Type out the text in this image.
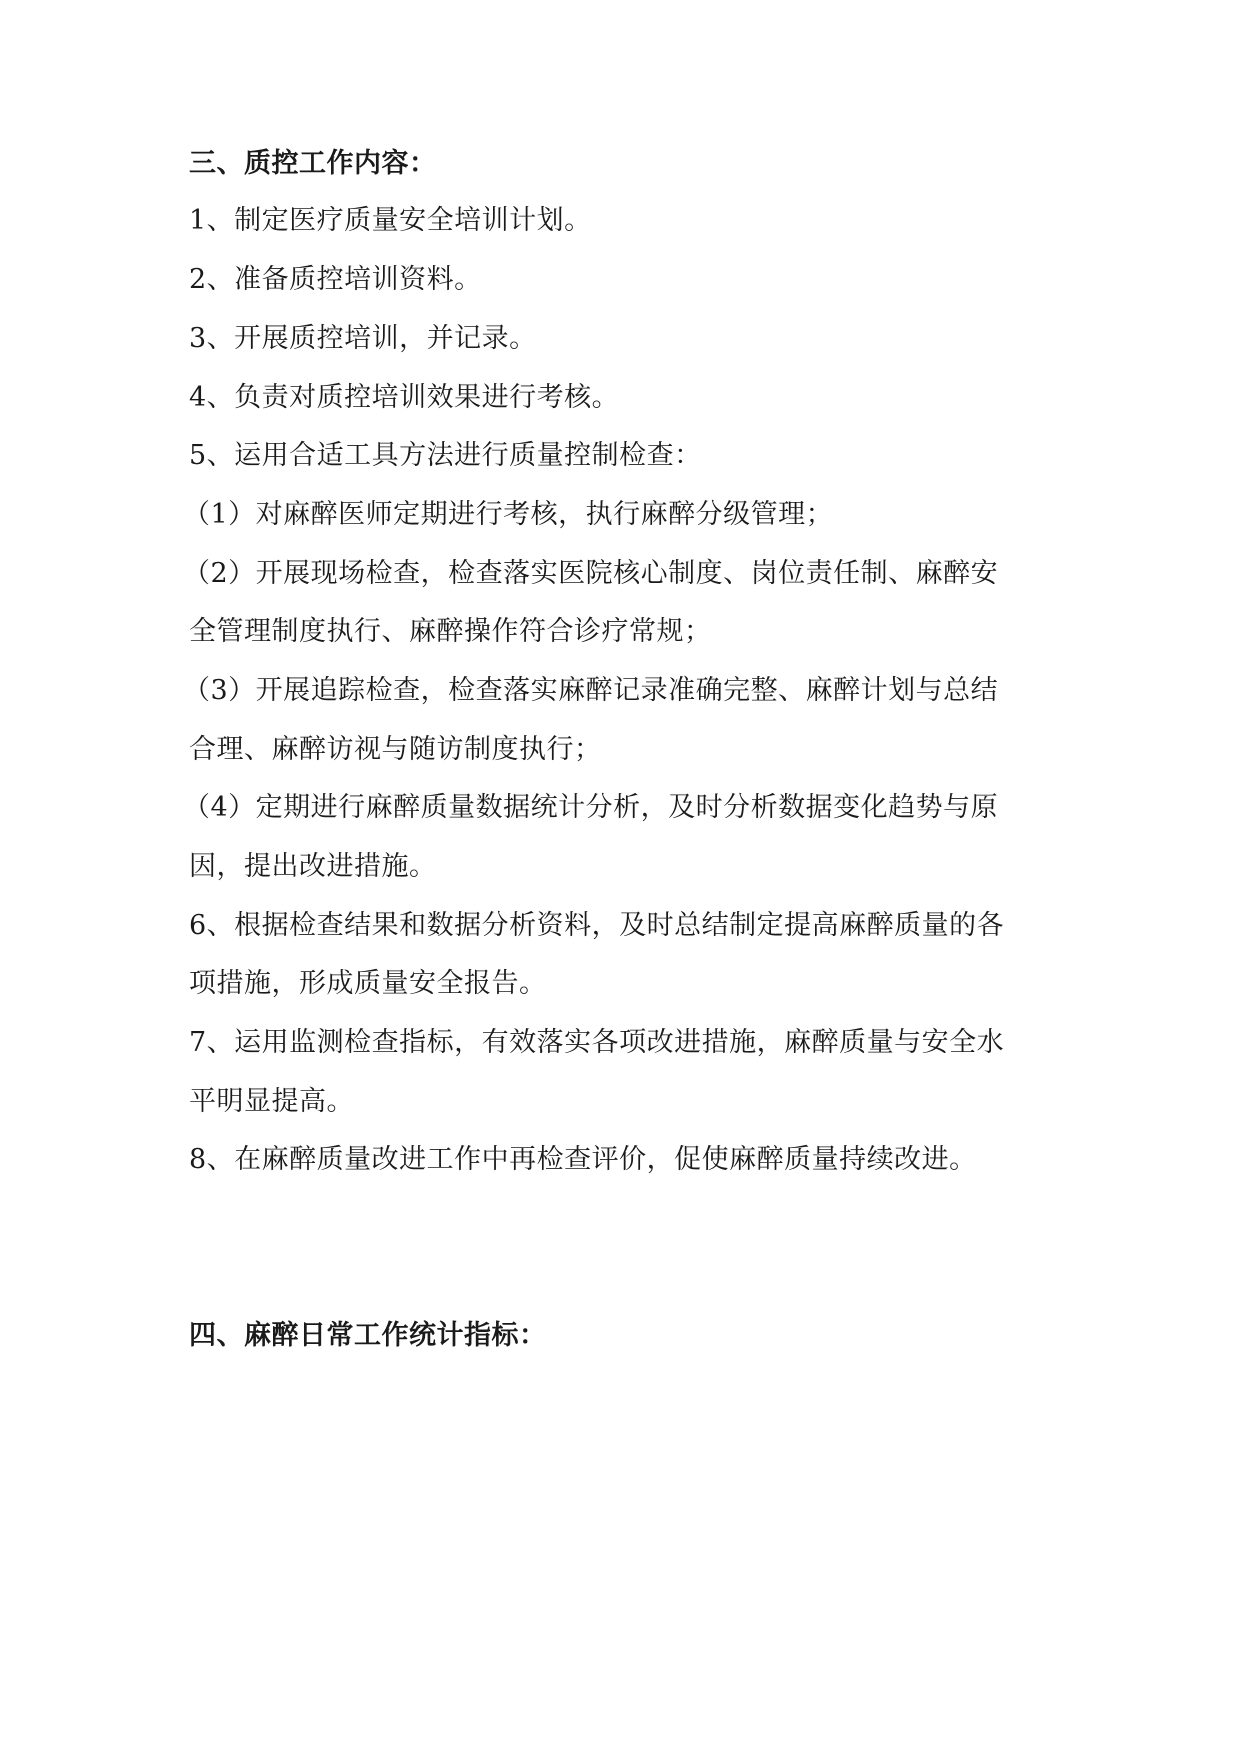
三、质控工作内容：
1、制定医疗质量安全培训计划。
2、准备质控培训资料。
3、开展质控培训，并记录。
4、负责对质控培训效果进行考核。
5、运用合适工具方法进行质量控制检查：
（1）对麻醉医师定期进行考核，执行麻醉分级管理；
（2）开展现场检查，检查落实医院核心制度、岗位责任制、麻醉安
全管理制度执行、麻醉操作符合诊疗常规；
（3）开展追踪检查，检查落实麻醉记录准确完整、麻醉计划与总结
合理、麻醉访视与随访制度执行；
（4）定期进行麻醉质量数据统计分析，及时分析数据变化趋势与原
因，提出改进措施。
6、根据检查结果和数据分析资料，及时总结制定提高麻醉质量的各
项措施，形成质量安全报告。
7、运用监测检查指标，有效落实各项改进措施，麻醉质量与安全水
平明显提高。
8、在麻醉质量改进工作中再检查评价，促使麻醉质量持续改进。
四、麻醉日常工作统计指标：
